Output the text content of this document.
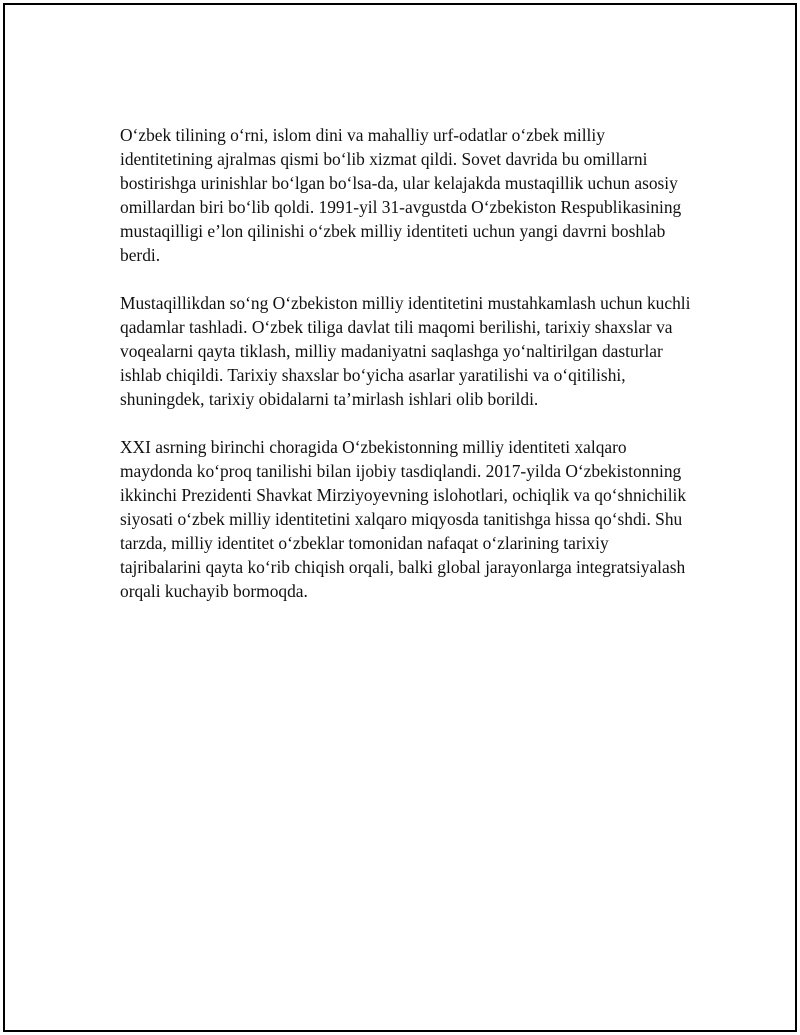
O‘zbek tilining o‘rni, islom dini va mahalliy urf-odatlar o‘zbek milliy identitetining ajralmas qismi bo‘lib xizmat qildi. Sovet davrida bu omillarni bostirishga urinishlar bo‘lgan bo‘lsa-da, ular kelajakda mustaqillik uchun asosiy omillardan biri bo‘lib qoldi. 1991-yil 31-avgustda O‘zbekiston Respublikasining mustaqilligi e’lon qilinishi o‘zbek milliy identiteti uchun yangi davrni boshlab berdi.

Mustaqillikdan so‘ng O‘zbekiston milliy identitetini mustahkamlash uchun kuchli qadamlar tashladi. O‘zbek tiliga davlat tili maqomi berilishi, tarixiy shaxslar va voqealarni qayta tiklash, milliy madaniyatni saqlashga yo‘naltirilgan dasturlar ishlab chiqildi. Tarixiy shaxslar bo‘yicha asarlar yaratilishi va o‘qitilishi, shuningdek, tarixiy obidalarni ta’mirlash ishlari olib borildi.

XXI asrning birinchi choragida O‘zbekistonning milliy identiteti xalqaro maydonda ko‘proq tanilishi bilan ijobiy tasdiqlandi. 2017-yilda O‘zbekistonning ikkinchi Prezidenti Shavkat Mirziyoyevning islohotlari, ochiqlik va qo‘shnichilik siyosati o‘zbek milliy identitetini xalqaro miqyosda tanitishga hissa qo‘shdi. Shu tarzda, milliy identitet o‘zbeklar tomonidan nafaqat o‘zlarining tarixiy tajribalarini qayta ko‘rib chiqish orqali, balki global jarayonlarga integratsiyalash orqali kuchayib bormoqda.
